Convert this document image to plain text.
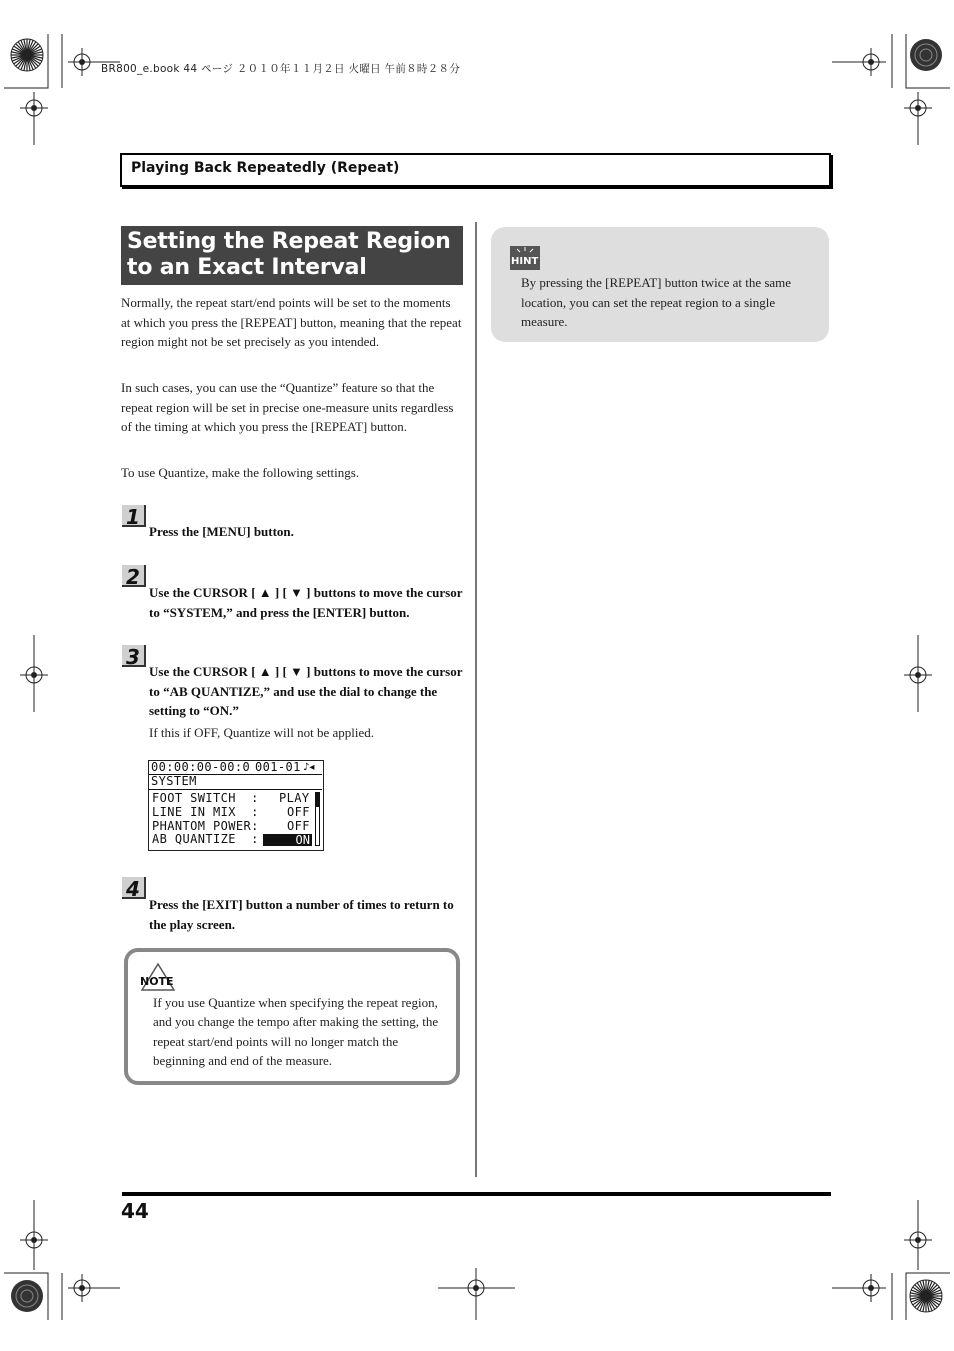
BR800_e.book 44 ページ ２０１０年１１月２日 火曜日 午前８時２８分
Playing Back Repeatedly (Repeat)
Setting the Repeat Region to an Exact Interval
Normally, the repeat start/end points will be set to the moments at which you press the [REPEAT] button, meaning that the repeat region might not be set precisely as you intended.
In such cases, you can use the “Quantize” feature so that the repeat region will be set in precise one-measure units regardless of the timing at which you press the [REPEAT] button.
To use Quantize, make the following settings.
1
Press the [MENU] button.
2
Use the CURSOR [ ▲ ] [ ▼ ] buttons to move the cursor to “SYSTEM,” and press the [ENTER] button.
3
Use the CURSOR [ ▲ ] [ ▼ ] buttons to move the cursor to “AB QUANTIZE,” and use the dial to change the setting to “ON.”
If this if OFF, Quantize will not be applied.
00:00:00-00:0 001-01 ♪◂
SYSTEM
FOOT SWITCH  : PLAY
LINE IN MIX  : OFF
PHANTOM POWER: OFF
AB QUANTIZE  :	ON
4
Press the [EXIT] button a number of times to return to the play screen.
NOTE
If you use Quantize when specifying the repeat region, and you change the tempo after making the setting, the repeat start/end points will no longer match the beginning and end of the measure.
HINT
By pressing the [REPEAT] button twice at the same location, you can set the repeat region to a single measure.
44
